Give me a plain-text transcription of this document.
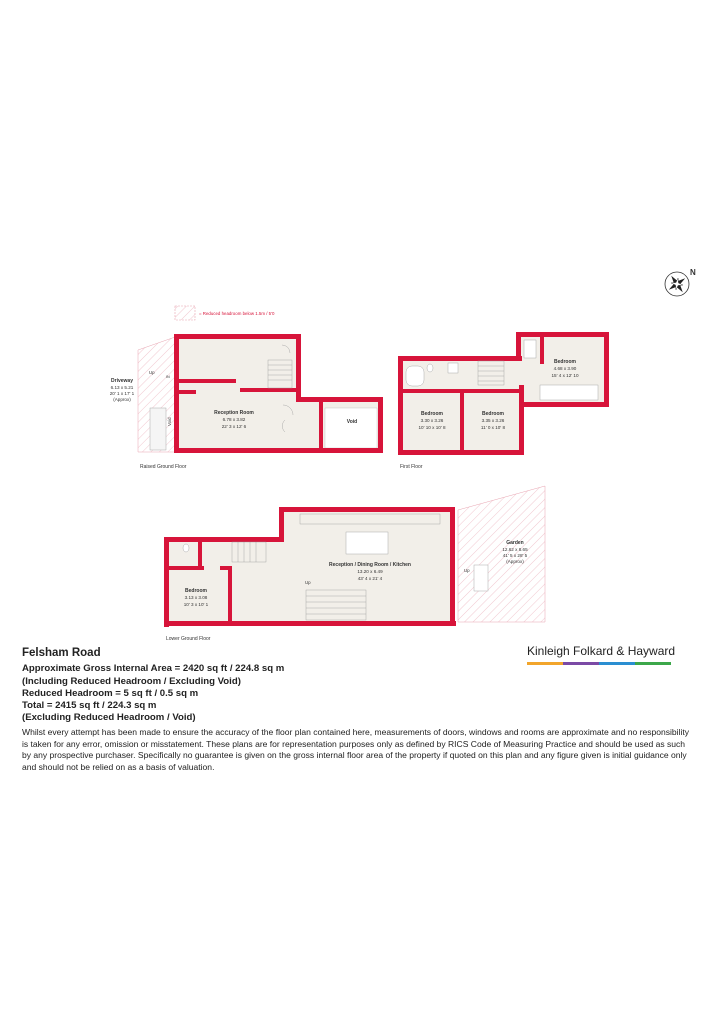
N
= Reduced headroom below 1.5m / 5'0
Up
IN
Driveway
6.13 x 5.21
20' 1 x 17' 1
(Approx)
Reception Room
6.78 x 3.82
22' 3 x 12' 6
Void
Void
Raised Ground Floor
Bedroom
4.68 x 3.90
15' 4 x 12' 10
Bedroom
3.30 x 3.26
10' 10 x 10' 8
Bedroom
3.35 x 3.26
11' 0 x 10' 8
First Floor
Reception / Dining Room / Kitchen
13.20 x 6.49
43' 4 x 21' 4
Bedroom
3.13 x 3.08
10' 3 x 10' 1
Up
Up
Garden
12.62 x 8.65
41' 5 x 28' 5
(Approx)
Lower Ground Floor
Felsham Road
Approximate Gross Internal Area = 2420 sq ft / 224.8 sq m
(Including Reduced Headroom / Excluding Void)
Reduced Headroom = 5 sq ft / 0.5 sq m
Total = 2415 sq ft / 224.3 sq m
(Excluding Reduced Headroom / Void)
Whilst every attempt has been made to ensure the accuracy of the floor plan contained here, measurements of doors, windows and rooms are approximate and no responsibility is taken for any error, omission or misstatement. These plans are for representation purposes only as defined by RICS Code of Measuring Practice and should be used as such by any prospective purchaser. Specifically no guarantee is given on the gross internal floor area of the property if quoted on this plan and any figure given is initial guidance only and should not be relied on as a basis of valuation.
Kinleigh Folkard & Hayward
